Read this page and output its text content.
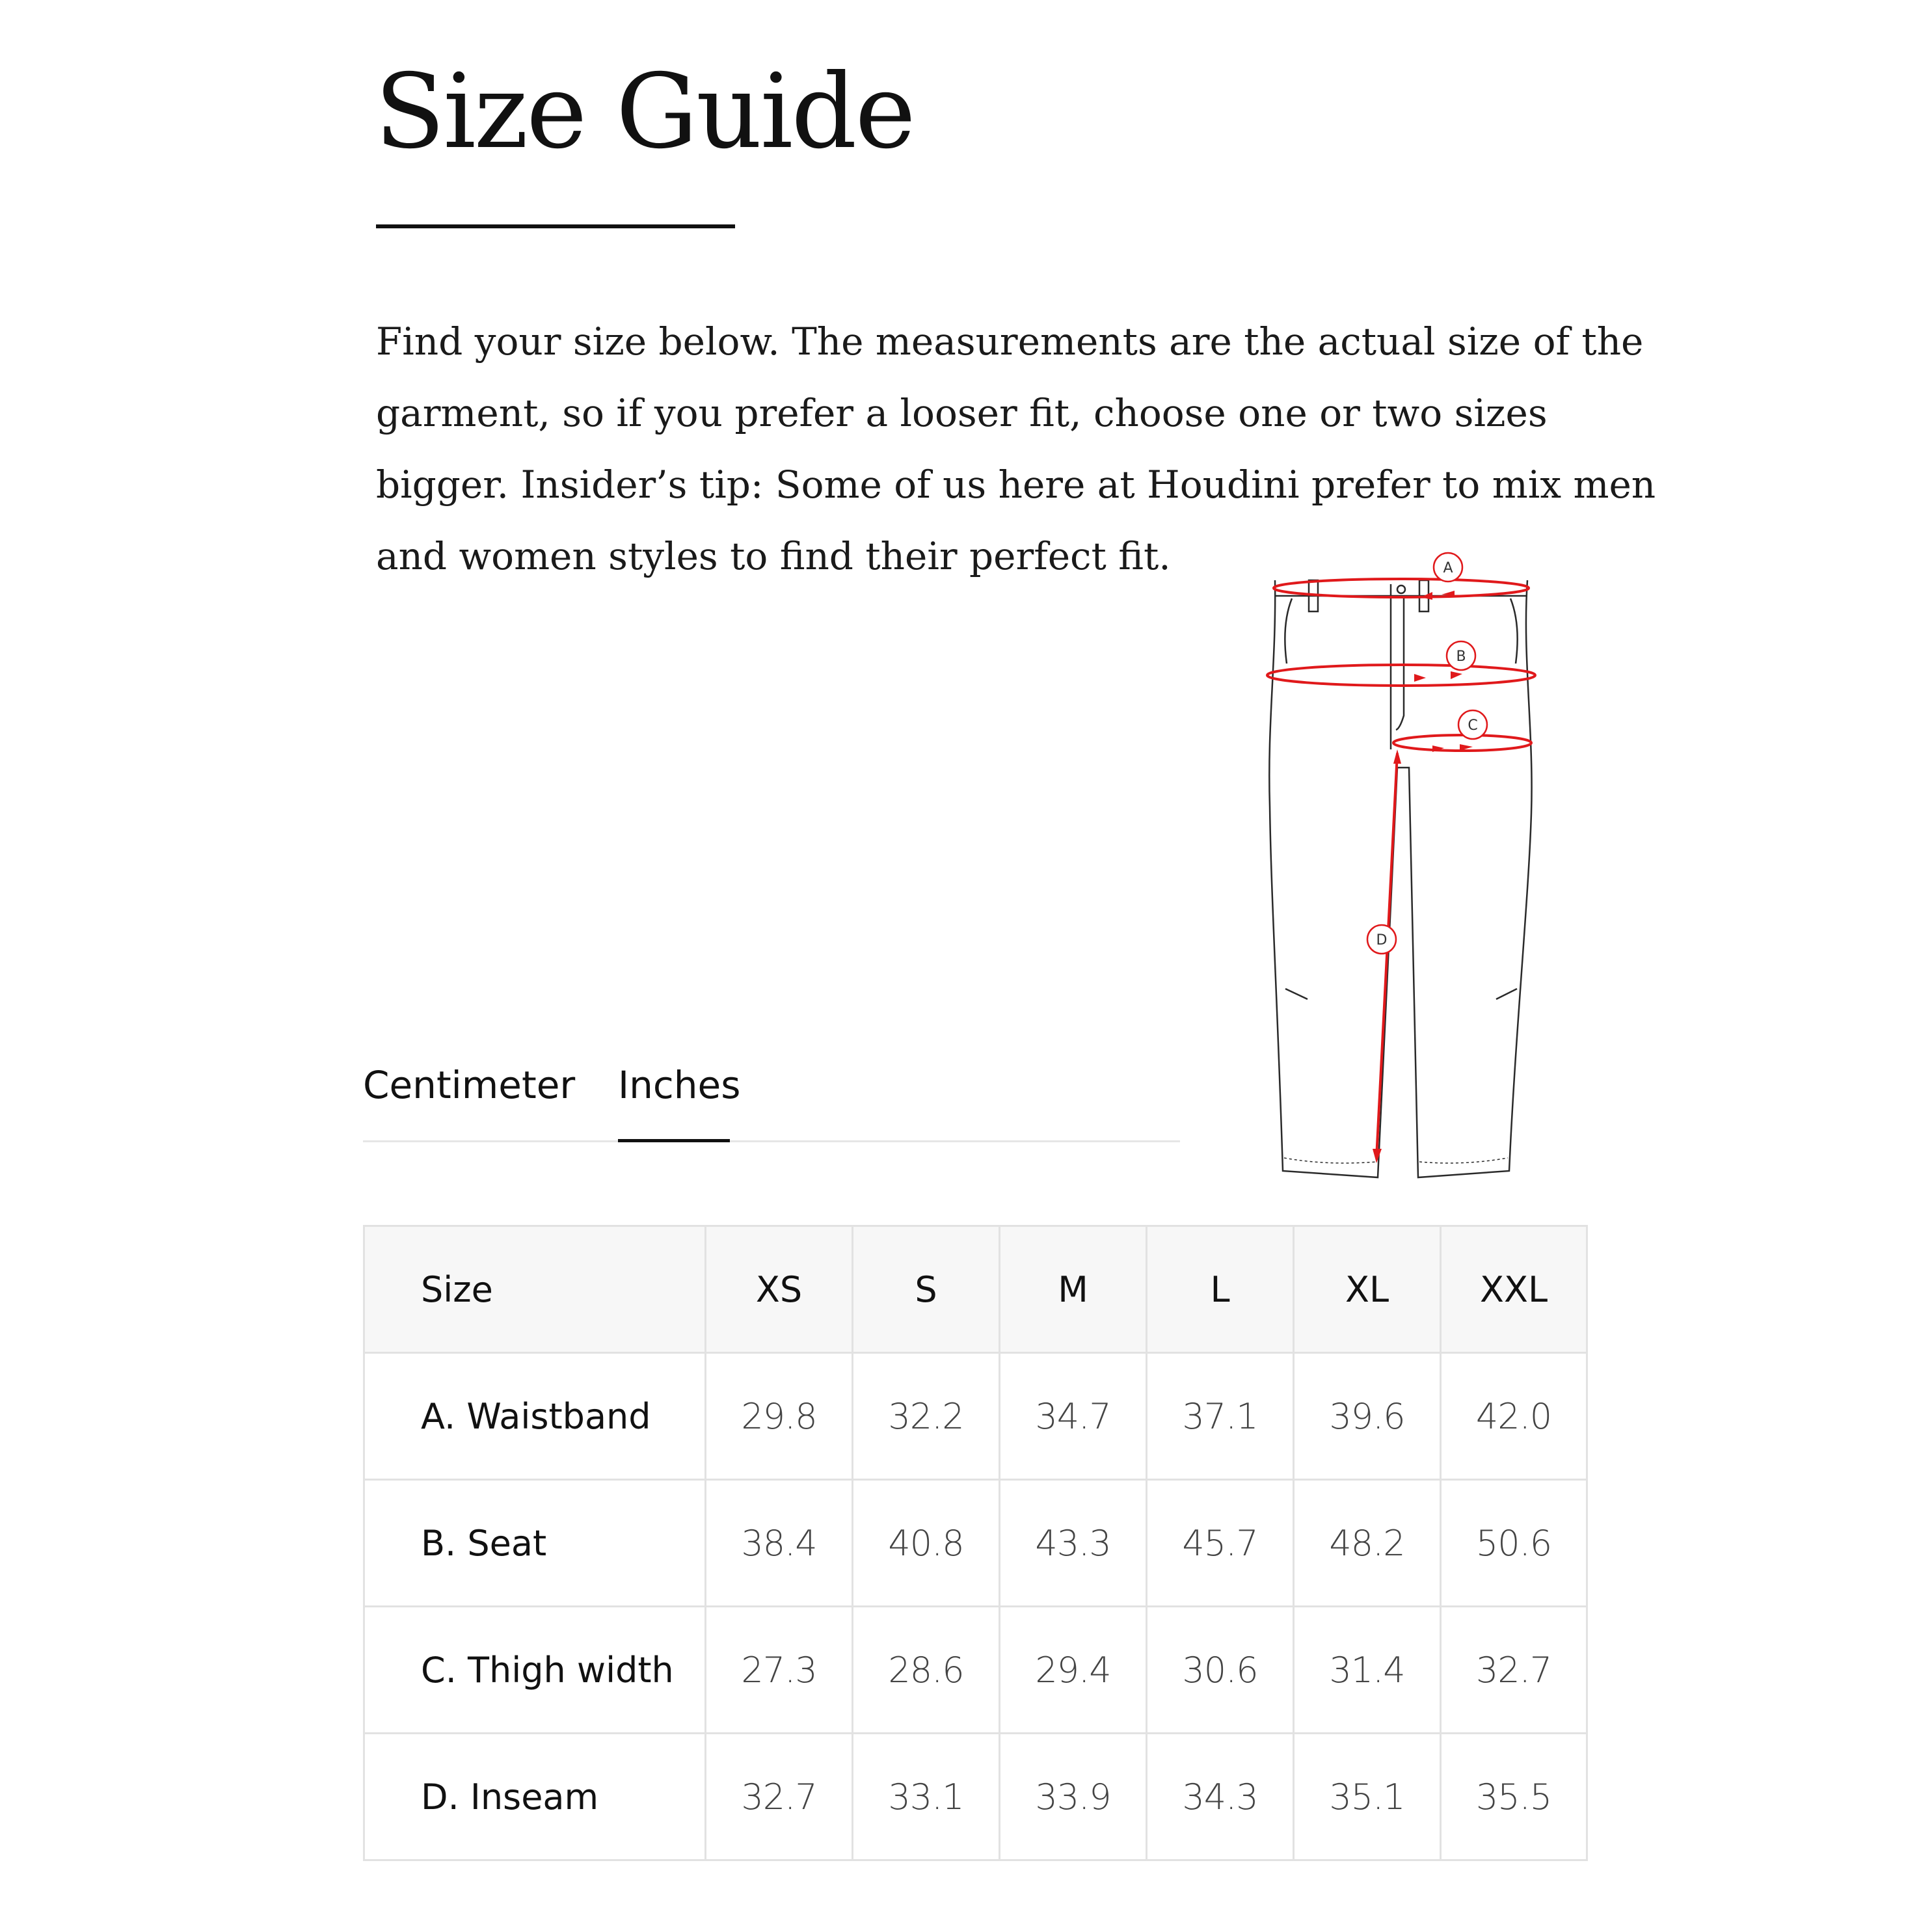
Size Guide

Find your size below. The measurements are the actual size of the

garment, so if you prefer a looser fit, choose one or two sizes

bigger. Insider’s tip: Some of us here at Houdini prefer to mix men

and women styles to find their perfect fit.	A
B
C
D
Centimeter Inches
Size	XS	S	M	L	XL	XXL
A. Waistband	29.8	32.2	34.7	37.1	39.6	42.0
B. Seat	38.4	40.8	43.3	45.7	48.2	50.6
C. Thigh width	27.3	28.6	29.4	30.6	31.4	32.7
D. Inseam	32.7	33.1	33.9	34.3	35.1	35.5
